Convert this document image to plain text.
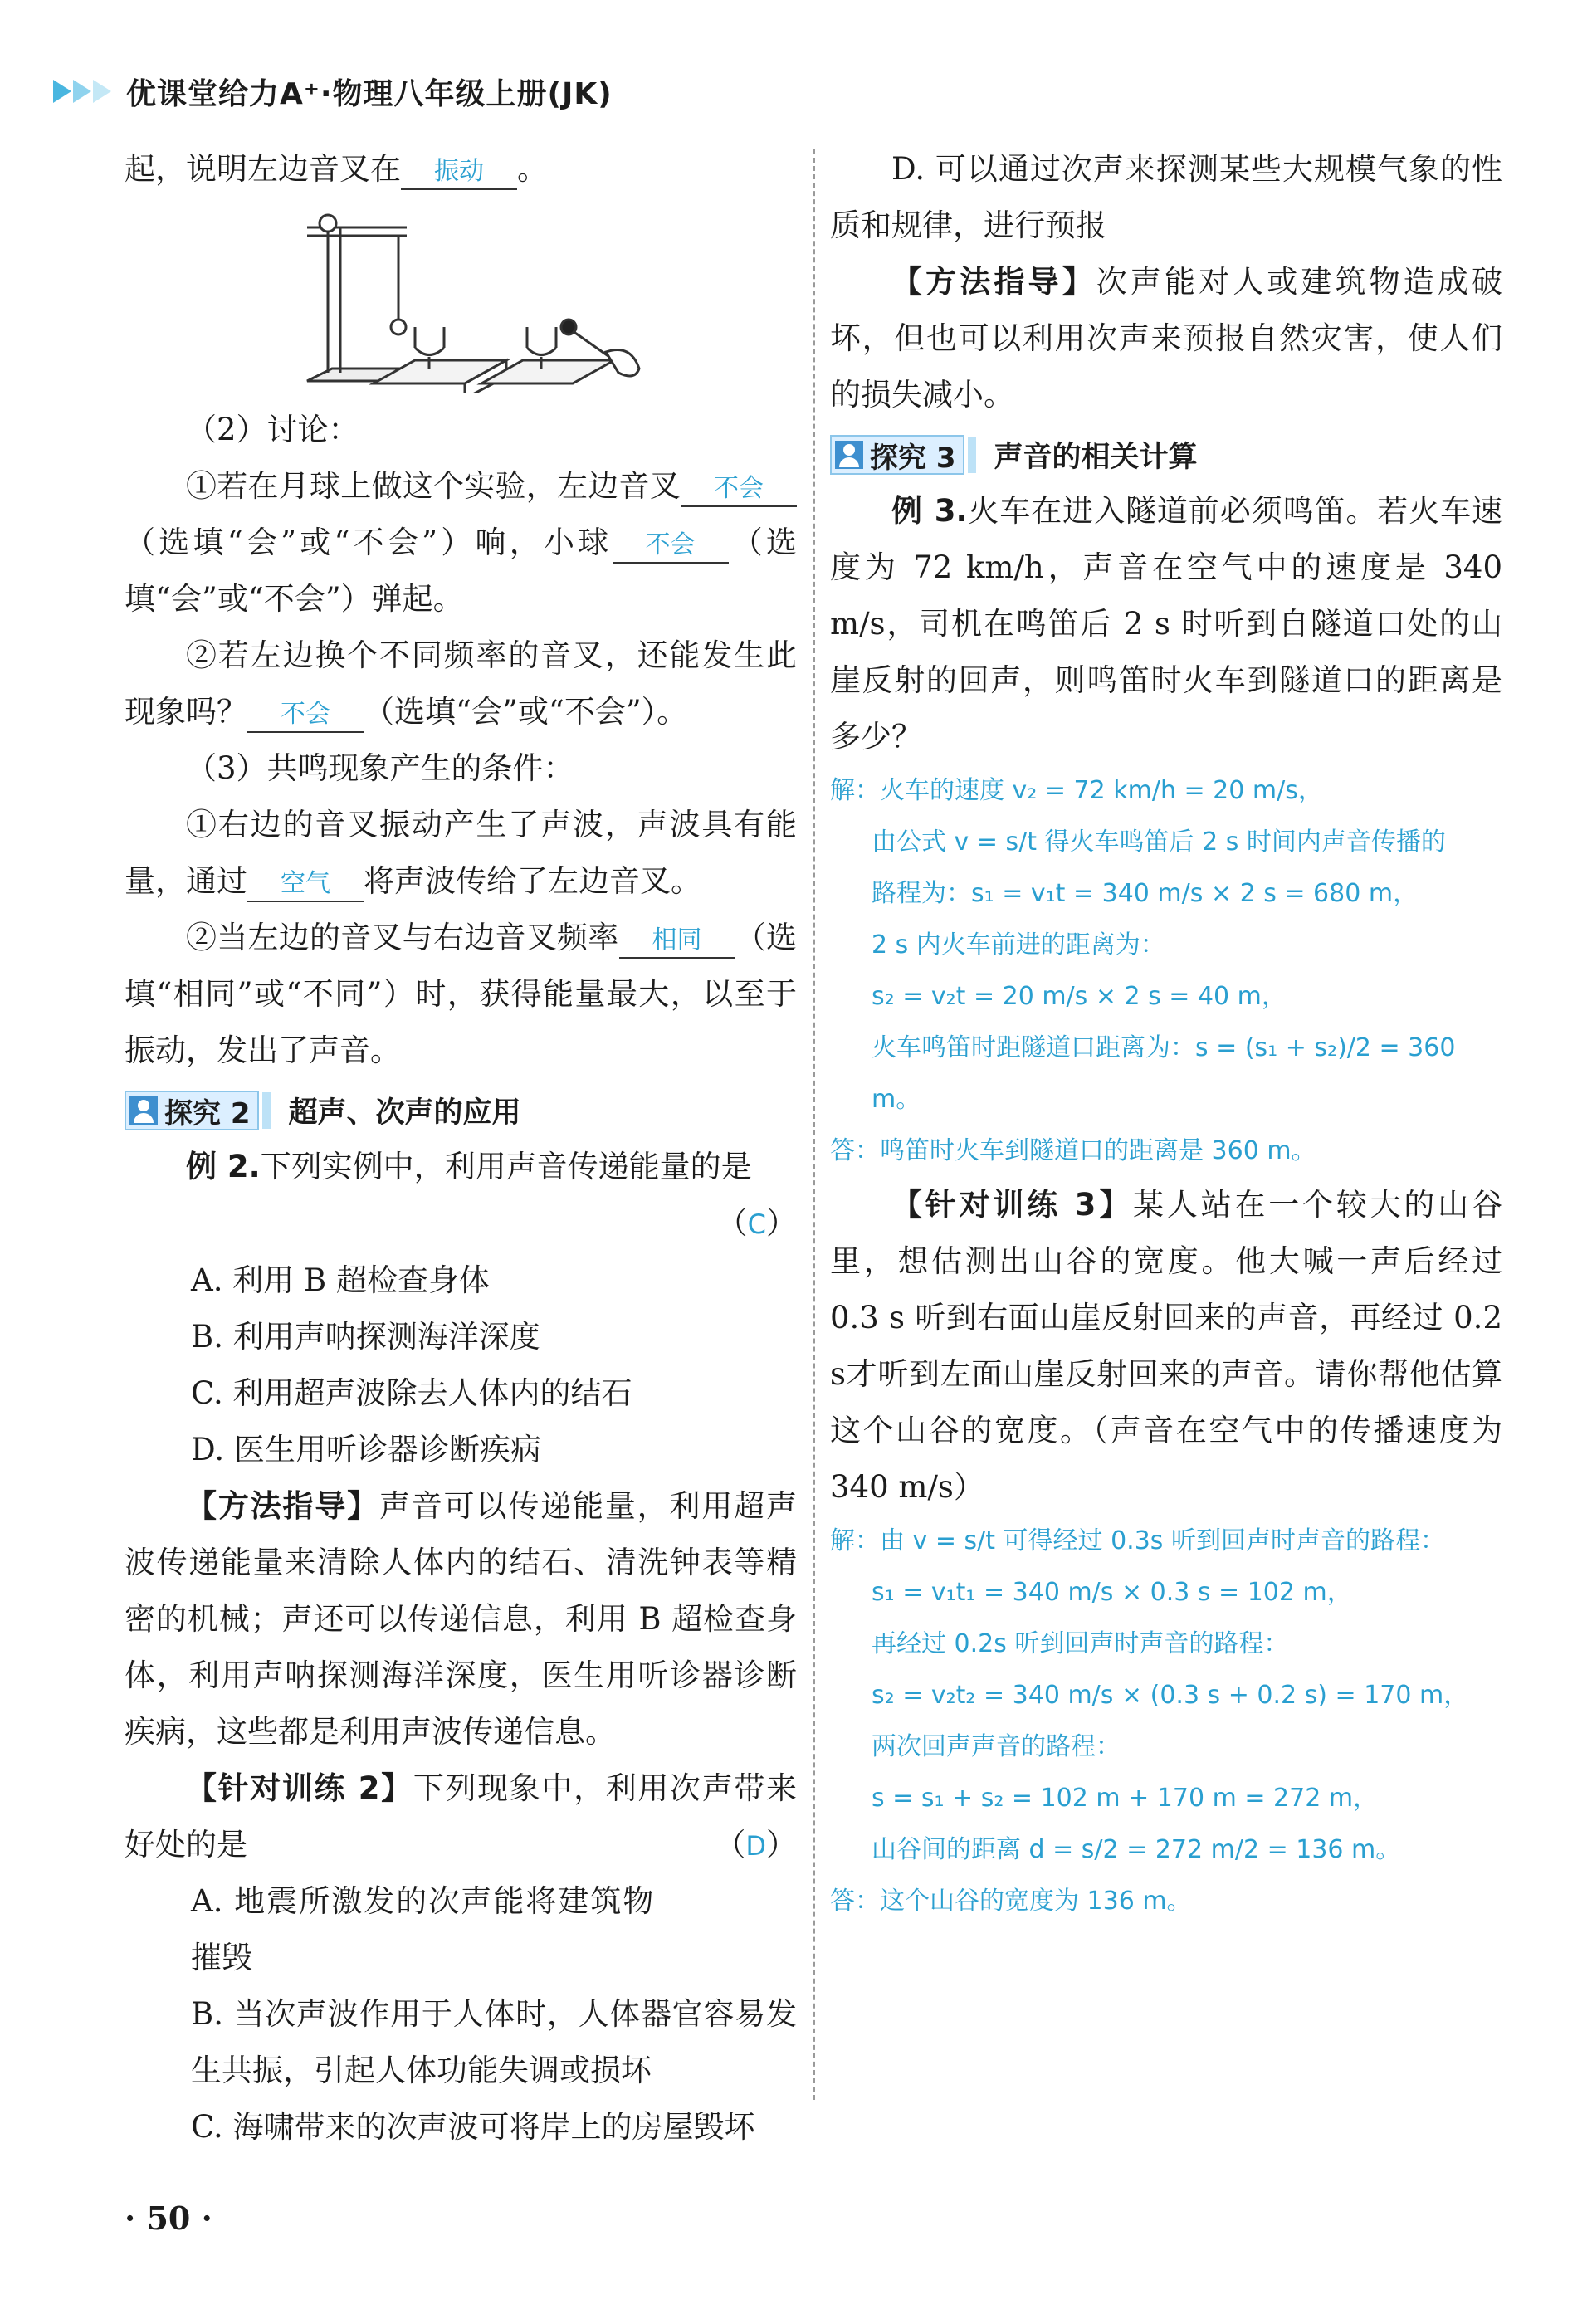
优课堂给力A⁺·物理八年级上册(JK)

起，说明左边音叉在 振动 。

（2）讨论：

①若在月球上做这个实验，左边音叉 不会（选填“会”或“不会”）响，小球 不会 （选填“会”或“不会”）弹起。

②若左边换个不同频率的音叉，还能发生此现象吗？ 不会 （选填“会”或“不会”）。

（3）共鸣现象产生的条件：

①右边的音叉振动产生了声波，声波具有能量，通过 空气 将声波传给了左边音叉。

②当左边的音叉与右边音叉频率 相同 （选填“相同”或“不同”）时，获得能量最大，以至于振动，发出了声音。

探究 2 超声、次声的应用

例 2.下列实例中，利用声音传递能量的是

（C）

A. 利用 B 超检查身体

B. 利用声呐探测海洋深度

C. 利用超声波除去人体内的结石

D. 医生用听诊器诊断疾病

【方法指导】声音可以传递能量，利用超声波传递能量来清除人体内的结石、清洗钟表等精密的机械；声还可以传递信息，利用 B 超检查身体，利用声呐探测海洋深度，医生用听诊器诊断疾病，这些都是利用声波传递信息。

【针对训练 2】下列现象中，利用次声带来好处的是	（D）

A. 地震所激发的次声能将建筑物摧毁

B. 当次声波作用于人体时，人体器官容易发生共振，引起人体功能失调或损坏

C. 海啸带来的次声波可将岸上的房屋毁坏

D. 可以通过次声来探测某些大规模气象的性质和规律，进行预报

【方法指导】次声能对人或建筑物造成破坏，但也可以利用次声来预报自然灾害，使人们的损失减小。

探究 3 声音的相关计算

例 3.火车在进入隧道前必须鸣笛。若火车速度为 72 km/h，声音在空气中的速度是 340 m/s，司机在鸣笛后 2 s 时听到自隧道口处的山崖反射的回声，则鸣笛时火车到隧道口的距离是多少？

解：火车的速度 v₂ = 72 km/h = 20 m/s，

由公式 v = s/t 得火车鸣笛后 2 s 时间内声音传播的

路程为：s₁ = v₁t = 340 m/s × 2 s = 680 m，

2 s 内火车前进的距离为：

s₂ = v₂t = 20 m/s × 2 s = 40 m，

火车鸣笛时距隧道口距离为：s = (s₁ + s₂)/2 = 360 m。

答：鸣笛时火车到隧道口的距离是 360 m。

【针对训练 3】某人站在一个较大的山谷里，想估测出山谷的宽度。他大喊一声后经过 0.3 s 听到右面山崖反射回来的声音，再经过 0.2 s才听到左面山崖反射回来的声音。请你帮他估算这个山谷的宽度。（声音在空气中的传播速度为 340 m/s）

解：由 v = s/t 可得经过 0.3s 听到回声时声音的路程：

s₁ = v₁t₁ = 340 m/s × 0.3 s = 102 m，

再经过 0.2s 听到回声时声音的路程：

s₂ = v₂t₂ = 340 m/s × (0.3 s + 0.2 s) = 170 m，

两次回声声音的路程：

s = s₁ + s₂ = 102 m + 170 m = 272 m，

山谷间的距离 d = s/2 = 272 m/2 = 136 m。

答：这个山谷的宽度为 136 m。

· 50 ·
